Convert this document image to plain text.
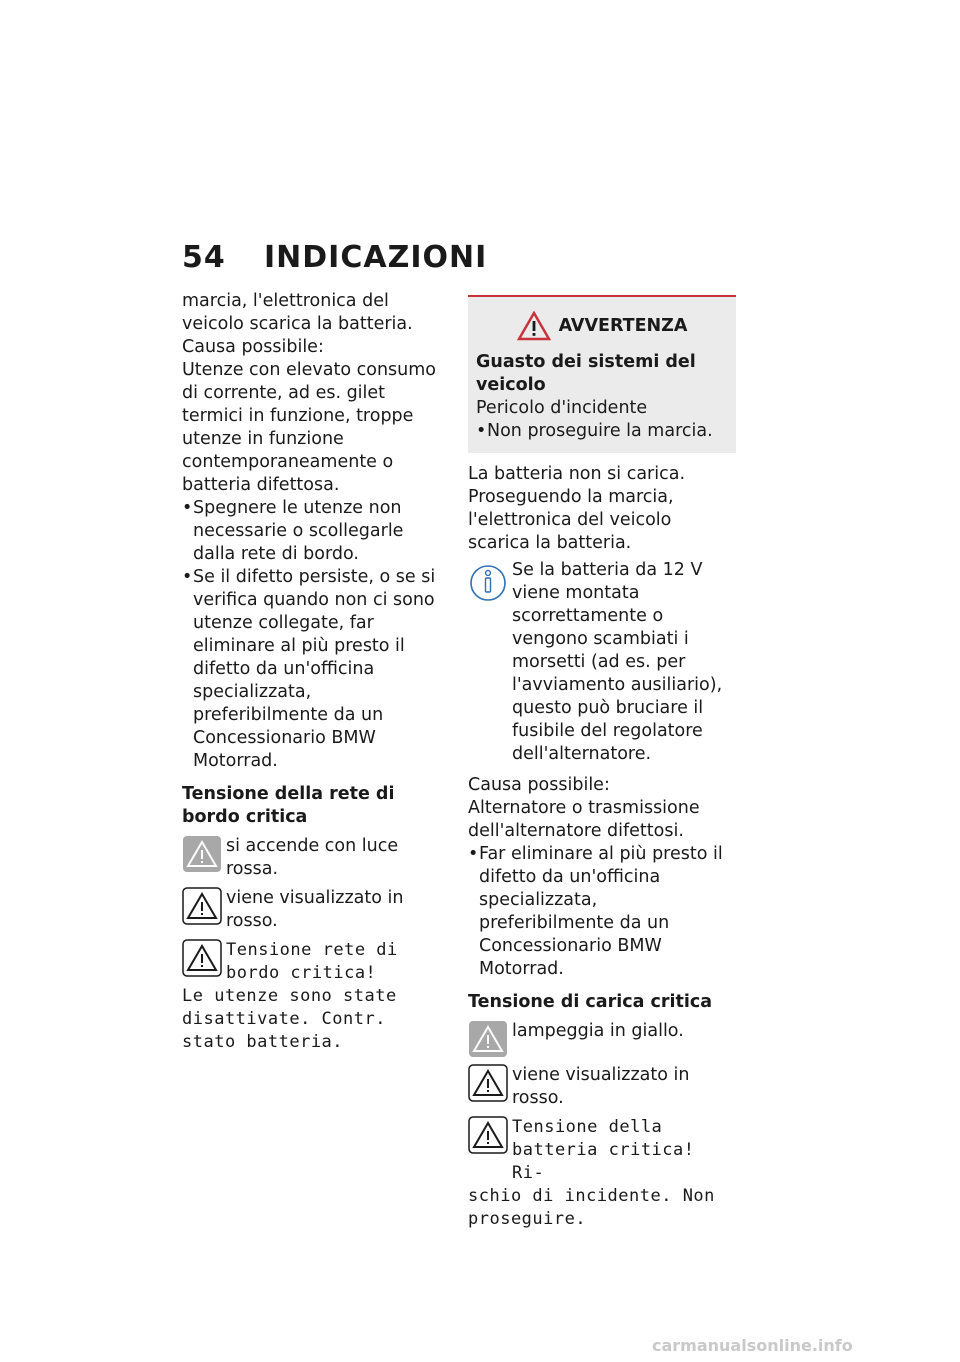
54 INDICAZIONI

marcia, l'elettronica del veicolo scarica la batteria.

Causa possibile:

Utenze con elevato consumo di corrente, ad es. gilet termici in funzione, troppe utenze in funzione contemporaneamente o batteria difettosa.

• Spegnere le utenze non necessarie o scollegarle dalla rete di bordo.
• Se il difetto persiste, o se si verifica quando non ci sono utenze collegate, far eliminare al più presto il difetto da un'officina specializzata, preferibilmente da un Concessionario BMW Motorrad.

Tensione della rete di bordo critica

si accende con luce rossa.

viene visualizzato in rosso.

Tensione rete di bordo critica!

Le utenze sono state disattivate. Contr. stato batteria.

AVVERTENZA

Guasto dei sistemi del veicolo

Pericolo d'incidente

• Non proseguire la marcia.

La batteria non si carica. Proseguendo la marcia, l'elettronica del veicolo scarica la batteria.

Se la batteria da 12 V viene montata scorrettamente o vengono scambiati i morsetti (ad es. per l'avviamento ausiliario), questo può bruciare il fusibile del regolatore dell'alternatore.

Causa possibile:

Alternatore o trasmissione dell'alternatore difettosi.

• Far eliminare al più presto il difetto da un'officina specializzata, preferibilmente da un Concessionario BMW Motorrad.

Tensione di carica critica

lampeggia in giallo.

viene visualizzato in rosso.

Tensione della batteria critica! Ri-

schio di incidente. Non proseguire.

carmanualsonline.info
